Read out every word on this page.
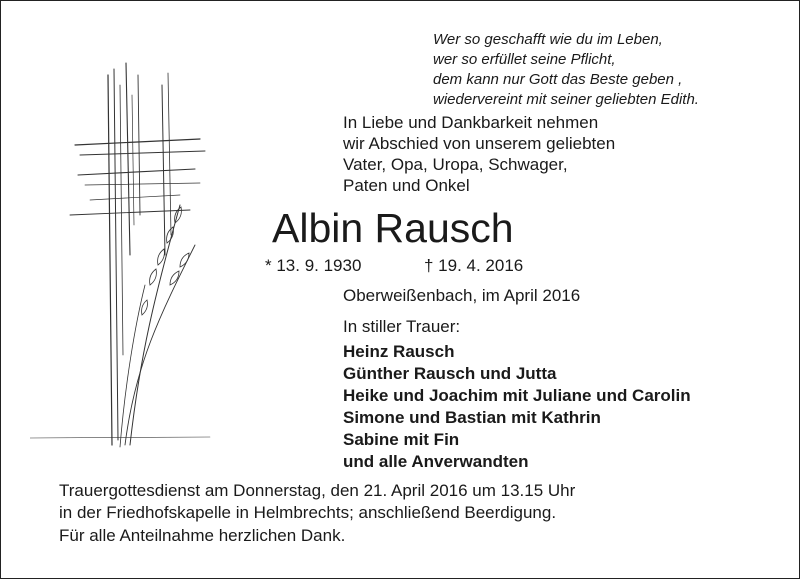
Wer so geschafft wie du im Leben,
wer so erfüllet seine Pflicht,
dem kann nur Gott das Beste geben ,
wiedervereint mit seiner geliebten Edith.
In Liebe und Dankbarkeit nehmen
wir Abschied von unserem geliebten
Vater, Opa, Uropa, Schwager,
Paten und Onkel
Albin Rausch
* 13. 9. 1930	† 19. 4. 2016
Oberweißenbach, im April 2016
In stiller Trauer:
Heinz Rausch
Günther Rausch und Jutta
Heike und Joachim mit Juliane und Carolin
Simone und Bastian mit Kathrin
Sabine mit Fin
und alle Anverwandten
Trauergottesdienst am Donnerstag, den 21. April 2016 um 13.15 Uhr
in der Friedhofskapelle in Helmbrechts; anschließend Beerdigung.
Für alle Anteilnahme herzlichen Dank.
